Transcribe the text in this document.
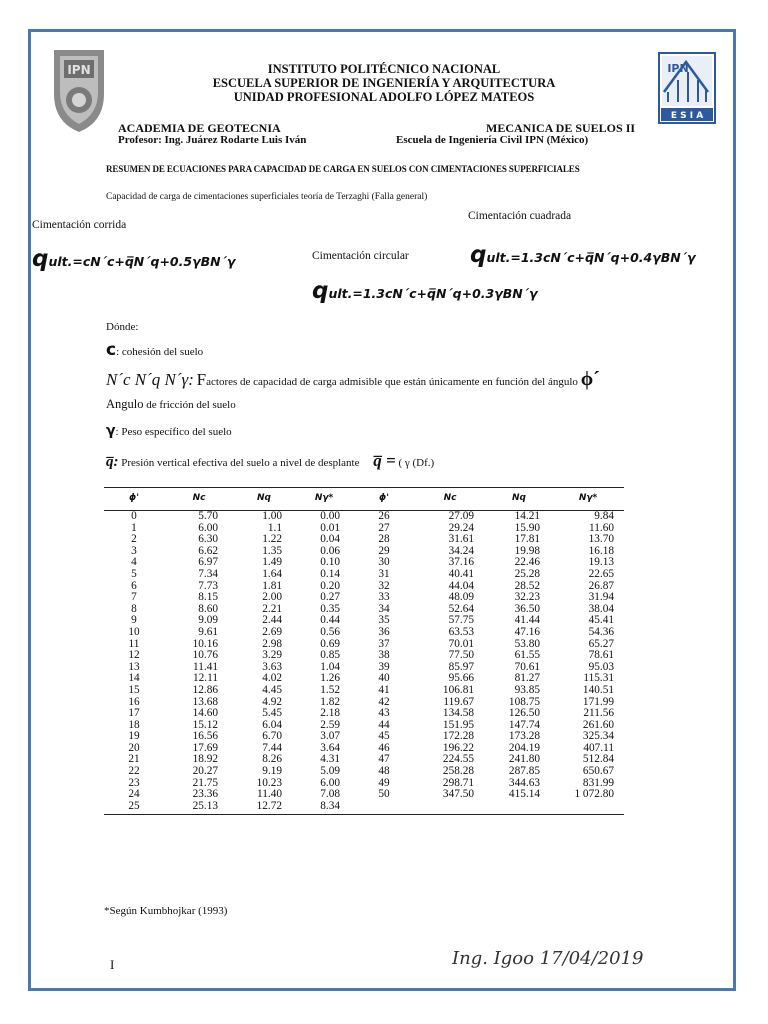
IPN	IPN
E S I A
INSTITUTO POLITÉCNICO NACIONAL
ESCUELA SUPERIOR DE INGENIERÍA Y ARQUITECTURA
UNIDAD PROFESIONAL ADOLFO LÓPEZ MATEOS
ACADEMIA DE GEOTECNIA
Profesor: Ing. Juárez Rodarte Luis Iván
MECANICA DE SUELOS II
Escuela de Ingeniería Civil IPN (México)
RESUMEN DE ECUACIONES PARA CAPACIDAD DE CARGA EN SUELOS CON CIMENTACIONES SUPERFICIALES
Capacidad de carga de cimentaciones superficiales teoría de Terzaghi (Falla general)
Cimentación corrida
Cimentación cuadrada
Cimentación circular
qult.=cN´c+q̅N´q+0.5γBN´γ	qult.=1.3cN´c+q̅N´q+0.4γBN´γ
qult.=1.3cN´c+q̅N´q+0.3γBN´γ
Dónde:
c: cohesión del suelo
N´c N´q N´γ: Factores de capacidad de carga admisible que están únicamente en función del ángulo ϕ´
Angulo de fricción del suelo
γ: Peso específico del suelo
q̅: Presión vertical efectiva del suelo a nivel de desplante q̅ = ( γ (Df.)
ϕ'	Nc	Nq	Nγ*	ϕ'	Nc	Nq	Nγ*
0	5.70	1.00	0.00	26	27.09	14.21	9.84
1	6.00	1.1	0.01	27	29.24	15.90	11.60
2	6.30	1.22	0.04	28	31.61	17.81	13.70
3	6.62	1.35	0.06	29	34.24	19.98	16.18
4	6.97	1.49	0.10	30	37.16	22.46	19.13
5	7.34	1.64	0.14	31	40.41	25.28	22.65
6	7.73	1.81	0.20	32	44.04	28.52	26.87
7	8.15	2.00	0.27	33	48.09	32.23	31.94
8	8.60	2.21	0.35	34	52.64	36.50	38.04
9	9.09	2.44	0.44	35	57.75	41.44	45.41
10	9.61	2.69	0.56	36	63.53	47.16	54.36
11	10.16	2.98	0.69	37	70.01	53.80	65.27
12	10.76	3.29	0.85	38	77.50	61.55	78.61
13	11.41	3.63	1.04	39	85.97	70.61	95.03
14	12.11	4.02	1.26	40	95.66	81.27	115.31
15	12.86	4.45	1.52	41	106.81	93.85	140.51
16	13.68	4.92	1.82	42	119.67	108.75	171.99
17	14.60	5.45	2.18	43	134.58	126.50	211.56
18	15.12	6.04	2.59	44	151.95	147.74	261.60
19	16.56	6.70	3.07	45	172.28	173.28	325.34
20	17.69	7.44	3.64	46	196.22	204.19	407.11
21	18.92	8.26	4.31	47	224.55	241.80	512.84
22	20.27	9.19	5.09	48	258.28	287.85	650.67
23	21.75	10.23	6.00	49	298.71	344.63	831.99
24	23.36	11.40	7.08	50	347.50	415.14	1 072.80
25	25.13	12.72	8.34				
*Según Kumbhojkar (1993)
I	Ing. Igoo 17/04/2019
